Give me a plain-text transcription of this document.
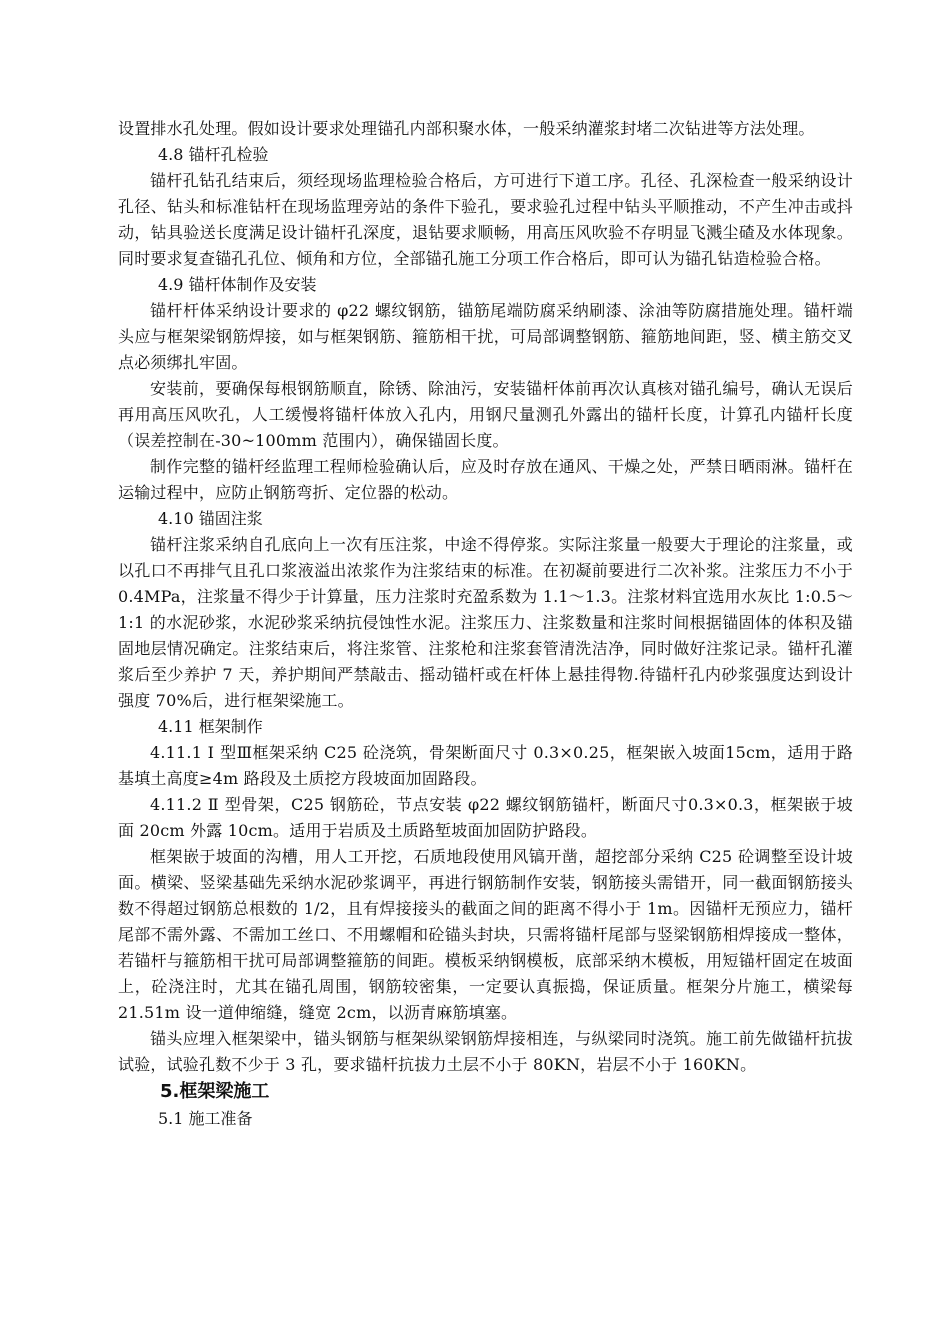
设置排水孔处理。假如设计要求处理锚孔内部积聚水体，一般采纳灌浆封堵二次钻进等方法处理。

4.8 锚杆孔检验

锚杆孔钻孔结束后，须经现场监理检验合格后，方可进行下道工序。孔径、孔深检查一般采纳设计孔径、钻头和标准钻杆在现场监理旁站的条件下验孔，要求验孔过程中钻头平顺推动，不产生冲击或抖动，钻具验送长度满足设计锚杆孔深度，退钻要求顺畅，用高压风吹验不存明显飞溅尘碴及水体现象。同时要求复查锚孔孔位、倾角和方位，全部锚孔施工分项工作合格后，即可认为锚孔钻造检验合格。

4.9 锚杆体制作及安装

锚杆杆体采纳设计要求的 φ22 螺纹钢筋，锚筋尾端防腐采纳刷漆、涂油等防腐措施处理。锚杆端头应与框架梁钢筋焊接，如与框架钢筋、箍筋相干扰，可局部调整钢筋、箍筋地间距，竖、横主筋交叉点必须绑扎牢固。

安装前，要确保每根钢筋顺直，除锈、除油污，安装锚杆体前再次认真核对锚孔编号，确认无误后再用高压风吹孔，人工缓慢将锚杆体放入孔内，用钢尺量测孔外露出的锚杆长度，计算孔内锚杆长度（误差控制在-30~100mm 范围内），确保锚固长度。

制作完整的锚杆经监理工程师检验确认后，应及时存放在通风、干燥之处，严禁日晒雨淋。锚杆在运输过程中，应防止钢筋弯折、定位器的松动。

4.10 锚固注浆

锚杆注浆采纳自孔底向上一次有压注浆，中途不得停浆。实际注浆量一般要大于理论的注浆量，或以孔口不再排气且孔口浆液溢出浓浆作为注浆结束的标准。在初凝前要进行二次补浆。注浆压力不小于 0.4MPa，注浆量不得少于计算量，压力注浆时充盈系数为 1.1～1.3。注浆材料宜选用水灰比 1:0.5～1:1 的水泥砂浆，水泥砂浆采纳抗侵蚀性水泥。注浆压力、注浆数量和注浆时间根据锚固体的体积及锚固地层情况确定。注浆结束后，将注浆管、注浆枪和注浆套管清洗洁净，同时做好注浆记录。锚杆孔灌浆后至少养护 7 天，养护期间严禁敲击、摇动锚杆或在杆体上悬挂得物.待锚杆孔内砂浆强度达到设计强度 70%后，进行框架梁施工。

4.11 框架制作

4.11.1 Ⅰ 型Ⅲ框架采纳 C25 砼浇筑，骨架断面尺寸 0.3×0.25，框架嵌入坡面15cm，适用于路基填土高度≥4m 路段及土质挖方段坡面加固路段。

4.11.2 Ⅱ 型骨架，C25 钢筋砼，节点安装 φ22 螺纹钢筋锚杆，断面尺寸0.3×0.3，框架嵌于坡面 20cm 外露 10cm。适用于岩质及土质路堑坡面加固防护路段。

框架嵌于坡面的沟槽，用人工开挖，石质地段使用风镐开凿，超挖部分采纳 C25 砼调整至设计坡面。横梁、竖梁基础先采纳水泥砂浆调平，再进行钢筋制作安装，钢筋接头需错开，同一截面钢筋接头数不得超过钢筋总根数的 1/2，且有焊接接头的截面之间的距离不得小于 1m。因锚杆无预应力，锚杆尾部不需外露、不需加工丝口、不用螺帽和砼锚头封块，只需将锚杆尾部与竖梁钢筋相焊接成一整体，若锚杆与箍筋相干扰可局部调整箍筋的间距。模板采纳钢模板，底部采纳木模板，用短锚杆固定在坡面上，砼浇注时，尤其在锚孔周围，钢筋较密集，一定要认真振捣，保证质量。框架分片施工，横梁每 21.51m 设一道伸缩缝，缝宽 2cm，以沥青麻筋填塞。

锚头应埋入框架梁中，锚头钢筋与框架纵梁钢筋焊接相连，与纵梁同时浇筑。施工前先做锚杆抗拔试验，试验孔数不少于 3 孔，要求锚杆抗拔力土层不小于 80KN，岩层不小于 160KN。

5.框架梁施工

5.1 施工准备
